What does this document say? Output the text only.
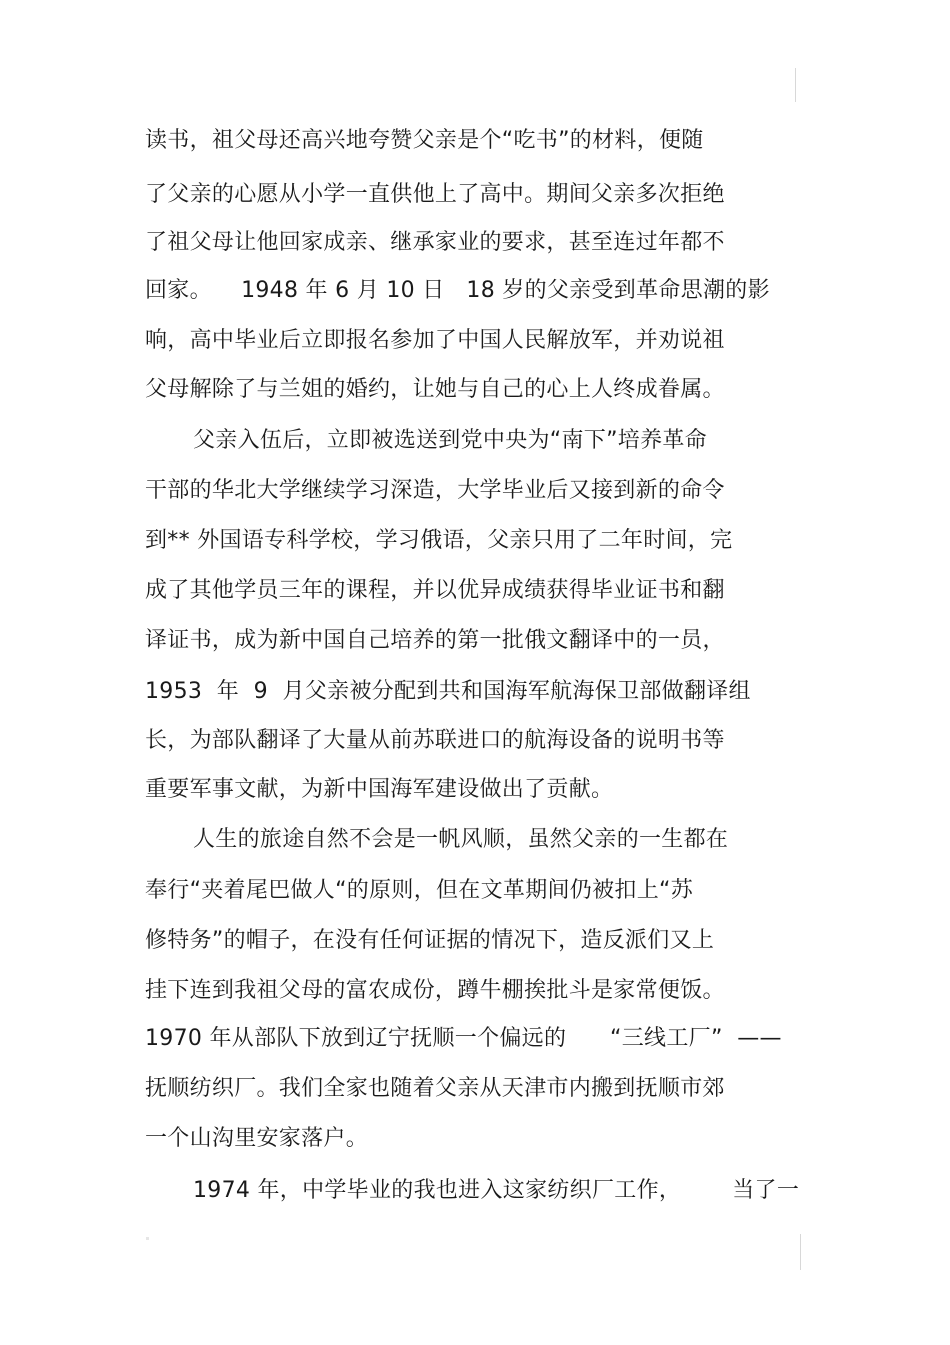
读书，祖父母还高兴地夸赞父亲是个“吃书”的材料，便随
了父亲的心愿从小学一直供他上了高中。期间父亲多次拒绝
了祖父母让他回家成亲、继承家业的要求，甚至连过年都不
回家。    1948 年 6 月 10 日   18 岁的父亲受到革命思潮的影
响，高中毕业后立即报名参加了中国人民解放军，并劝说祖
父母解除了与兰姐的婚约，让她与自己的心上人终成眷属。
父亲入伍后，立即被选送到党中央为“南下”培养革命
干部的华北大学继续学习深造，大学毕业后又接到新的命令
到** 外国语专科学校，学习俄语，父亲只用了二年时间，完
成了其他学员三年的课程，并以优异成绩获得毕业证书和翻
译证书，成为新中国自己培养的第一批俄文翻译中的一员，
1953  年  9  月父亲被分配到共和国海军航海保卫部做翻译组
长，为部队翻译了大量从前苏联进口的航海设备的说明书等
重要军事文献，为新中国海军建设做出了贡献。
人生的旅途自然不会是一帆风顺，虽然父亲的一生都在
奉行“夹着尾巴做人“的原则，但在文革期间仍被扣上“苏
修特务”的帽子，在没有任何证据的情况下，造反派们又上
挂下连到我祖父母的富农成份，蹲牛棚挨批斗是家常便饭。
1970 年从部队下放到辽宁抚顺一个偏远的      “三线工厂”  ——
抚顺纺织厂。我们全家也随着父亲从天津市内搬到抚顺市郊
一个山沟里安家落户。
1974 年，中学毕业的我也进入这家纺织厂工作，       当了一
